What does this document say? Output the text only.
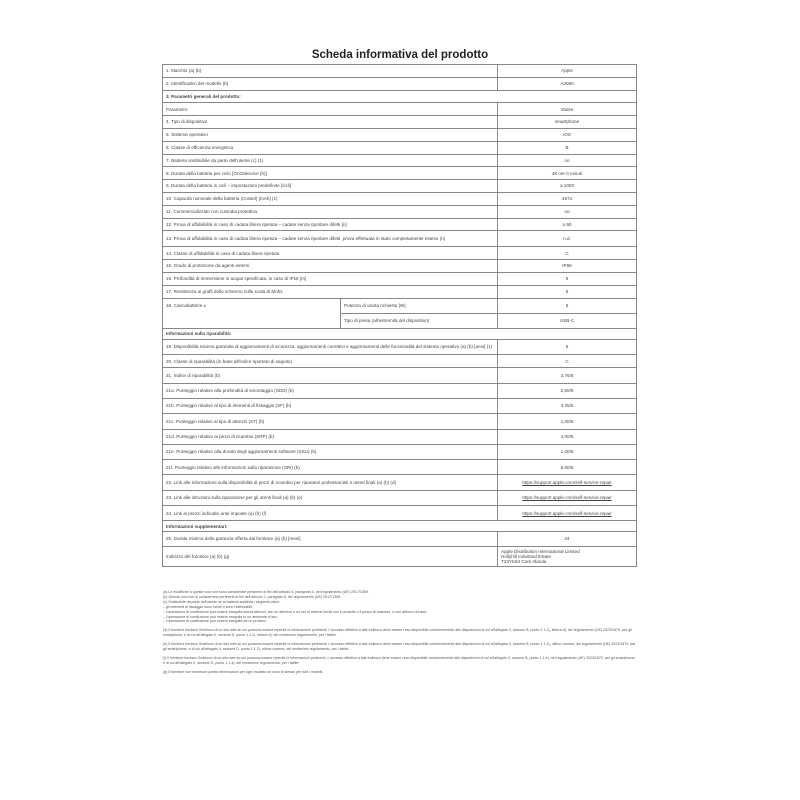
Scheda informativa del prodotto
1. Marchio (a) (b)		Apple
2. Identificativo del modello (b)		A3090
3. Parametri generali del prodotto:		
Parametro		Valore
4. Tipo di dispositivo		smartphone
5. Sistema operativo		iOS
6. Classe di efficienza energetica		B
7. Batteria sostituibile da parte dell'utente (c) (1)		no
8. Durata della batteria per ciclo [OnOdesvice (h)]		48 ore 0 minuti
9. Durata della batteria in cicli – impostazioni predefinite [cicli]		≥ 1000
10. Capacità nominale della batteria (Crated) [mAh] (1)		4674
11. Commercializzato con custodia protettiva		no
12. Prova di affidabilità in caso di caduta libera ripetuta – cadute senza riportare difetti [n]		≥ 90
13. Prova di affidabilità in caso di caduta libera ripetuta – cadute senza riportare difetti, prova effettuata in stato completamente esteso (n)		n.d.
14. Classe di affidabilità in caso di caduta libera ripetuta		C
15. Grado di protezione da agenti esterni		IP68
16. Profondità di immersione in acqua specificata, in caso di IPx8 [m]		6
17. Resistenza ai graffi dello schermo sulla scala di Mohs		6
18. Caricabatterie ±	Potenza di uscita richiesta [W]	5
	Tipo di presa (all'estremità del dispositivo)	USB-C
Informazioni sulla riparabilità:		
19. Disponibilità minima garantita di aggiornamenti di sicurezza, aggiornamenti correttivi e aggiornamenti delle funzionalità del sistema operativo (a) (b) [anni] (1)		5
20. Classe di riparabilità (in base all'indice riportato di seguito)		C
21. Indice di riparabilità (b)		3,76/5
21a. Punteggio relativo alla profondità di smontaggio (SDD) (b)		2,60/5
21b. Punteggio relativo al tipo di elementi di fissaggio (SF) (b)		3,25/5
21c. Punteggio relativo al tipo di attrezzi (ST) (b)		1,00/5
21d. Punteggio relativo ai pezzi di ricambio (SRP) (b)		4,00/5
21e. Punteggio relativo alla durata degli aggiornamenti software (SSU) (b)		1,00/5
21f. Punteggio relativo alle informazioni sulla riparazione (SRI) (b)		5,00/5
22. Link alle informazioni sulla disponibilità di pezzi di ricambio per riparatori professionisti e utenti finali (a) (b) (d)		https://support.apple.com/self-service-repair
23. Link alle istruzioni sulla riparazione per gli utenti finali (a) (b) (e)		https://support.apple.com/self-service-repair
24. Link ai prezzi indicativi ante imposte (a) (b) (f)		https://support.apple.com/self-service-repair
Informazioni supplementari:		
25. Durata minima della garanzia offerta dal fornitore (a) (b) [mesi]		24
Indirizzo del fornitore (a) (b) (g)		Apple Distribution International Limited
Hollyhill Industrial Estate
T23YK84 Cork Irlanda

(a) Le modifiche a queste voci non sono considerate pertinenti ai fini dell'articolo 4, paragrafo 4, del regolamento (UE) 2017/1369.

(b) Queste voci non si considerano pertinenti ai fini dell'articolo 2, paragrafo 6, del regolamento (UE) 2017/1369.

(c) Sostituibile da parte dell'utente se la batteria soddisfa i seguenti criteri:

– gli elementi di fissaggio sono forniti o sono riutilizzabili;

– l'operazione di sostituzione può essere eseguita senza attrezzi, con un attrezzo o un set di attrezzi forniti con il prodotto o il pezzo di ricambio, o con attrezzi di base;

– l'operazione di sostituzione può essere eseguita in un ambiente d'uso;

– l'operazione di sostituzione può essere eseguita da un profano.

(d) Il fornitore fornisce l'indirizzo di un sito web su cui possono essere reperite le informazioni pertinenti. L'accesso effettivo a tale indirizzo deve essere reso disponibile conformemente alle disposizioni di cui all'allegato II, sezione B, punto 1.1.2), lettera d), del regolamento (UE) 2023/1670, per gli smartphone, e di cui all'allegato II, sezione D, punto 1.1.2), lettera d), del medesimo regolamento, per i tablet.

(e) Il fornitore fornisce l'indirizzo di un sito web su cui possono essere reperite le informazioni pertinenti. L'accesso effettivo a tale indirizzo deve essere reso disponibile conformemente alle disposizioni di cui all'allegato II, sezione B, punto 1.1.2), ultimo comma, del regolamento (UE) 2023/1670, per gli smartphone, e di cui all'allegato II, sezione D, punto 1.1.2), ultimo comma, del medesimo regolamento, per i tablet.

(f) Il fornitore fornisce l'indirizzo di un sito web su cui possono essere reperite le informazioni pertinenti. L'accesso effettivo a tale indirizzo deve essere reso disponibile conformemente alle disposizioni di cui all'allegato II, sezione B, punto 1.1.4), del regolamento (UE) 2023/1670, per gli smartphone, e di cui all'allegato II, sezione D, punto 1.1.4), del medesimo regolamento, per i tablet.

(g) Il fornitore non inserisce queste informazioni per ogni modello se sono le stesse per tutti i modelli.
